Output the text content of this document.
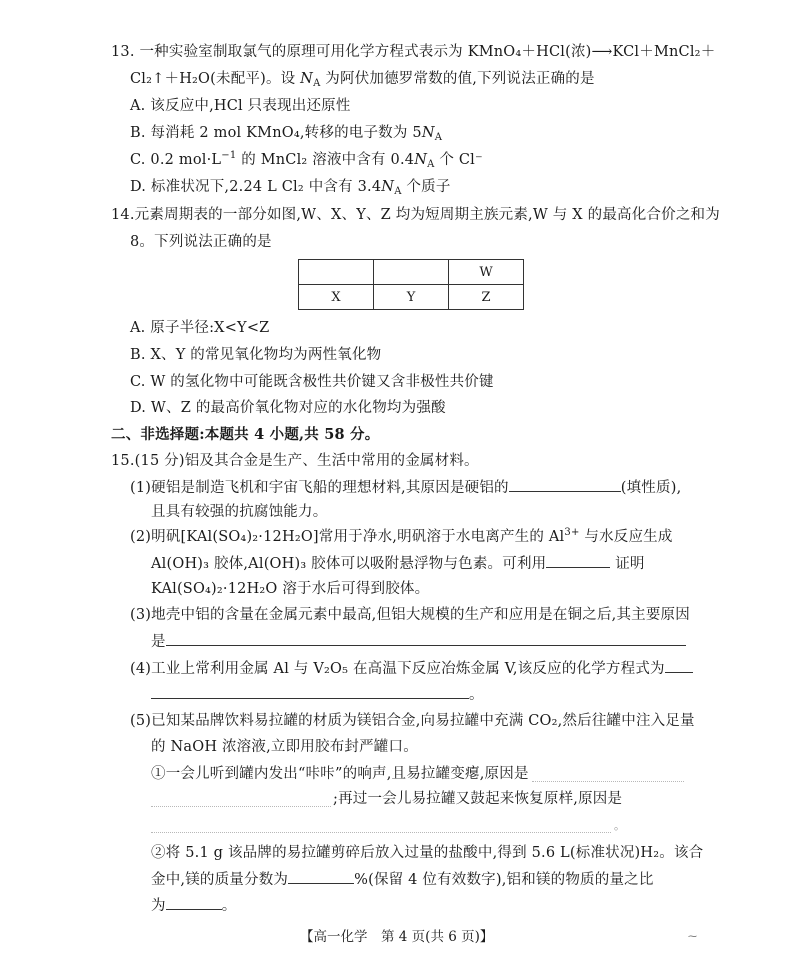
13. 一种实验室制取氯气的原理可用化学方程式表示为 KMnO₄＋HCl(浓)⟶KCl＋MnCl₂＋
Cl₂↑＋H₂O(未配平)。设 $N_A$ 为阿伏加德罗常数的值,下列说法正确的是
A. 该反应中,HCl 只表现出还原性
B. 每消耗 2 mol KMnO₄,转移的电子数为 $5N_A$
C. 0.2 $mol\cdot L^{-1}$ 的 MnCl₂ 溶液中含有 $0.4N_A$ 个 Cl⁻
D. 标准状况下,2.24 L Cl₂ 中含有 $3.4N_A$ 个质子
14.元素周期表的一部分如图,W、X、Y、Z 均为短周期主族元素,W 与 X 的最高化合价之和为
8。下列说法正确的是
		W
X	Y	Z
A. 原子半径:X<Y<Z
B. X、Y 的常见氧化物均为两性氧化物
C. W 的氢化物中可能既含极性共价键又含非极性共价键
D. W、Z 的最高价氧化物对应的水化物均为强酸
二、非选择题:本题共 4 小题,共 58 分。
15.(15 分)铝及其合金是生产、生活中常用的金属材料。
(1)硬铝是制造飞机和宇宙飞船的理想材料,其原因是硬铝的	(填性质),
且具有较强的抗腐蚀能力。
(2)明矾[KAl(SO₄)₂·12H₂O]常用于净水,明矾溶于水电离产生的 $Al^{3+}$ 与水反应生成
Al(OH)₃ 胶体,Al(OH)₃ 胶体可以吸附悬浮物与色素。可利用	证明
KAl(SO₄)₂·12H₂O 溶于水后可得到胶体。
(3)地壳中铝的含量在金属元素中最高,但铝大规模的生产和应用是在铜之后,其主要原因
是
(4)工业上常利用金属 Al 与 V₂O₅ 在高温下反应冶炼金属 V,该反应的化学方程式为
。
(5)已知某品牌饮料易拉罐的材质为镁铝合金,向易拉罐中充满 CO₂,然后往罐中注入足量
的 NaOH 浓溶液,立即用胶布封严罐口。
①一会儿听到罐内发出“咔咔”的响声,且易拉罐变瘪,原因是
;再过一会儿易拉罐又鼓起来恢复原样,原因是
。
②将 5.1 g 该品牌的易拉罐剪碎后放入过量的盐酸中,得到 5.6 L(标准状况)H₂。该合
金中,镁的质量分数为	%(保留 4 位有效数字),铝和镁的物质的量之比
为	。
【高一化学　第 4 页(共 6 页)】	⁓
